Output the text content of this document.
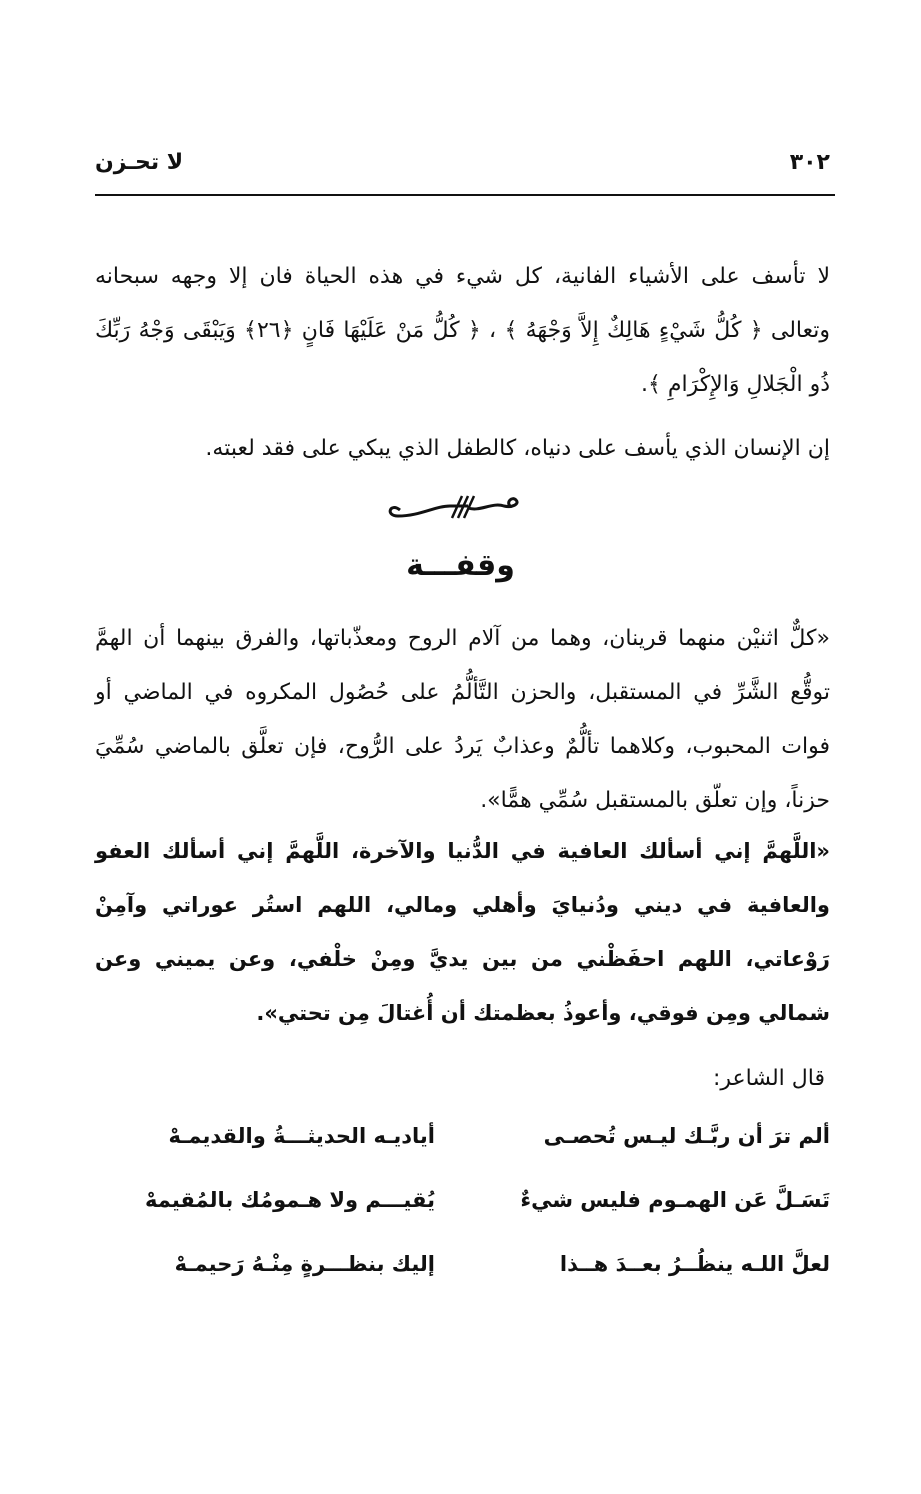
لا تحـزن	٣٠٢
لا تأسف على الأشياء الفانية، كل شيء في هذه الحياة فان إلا وجهه سبحانه وتعالى ﴿ كُلُّ شَيْءٍ هَالِكٌ إِلاَّ وَجْهَهُ ﴾ ، ﴿ كُلُّ مَنْ عَلَيْهَا فَانٍ ﴿٢٦﴾ وَيَبْقَى وَجْهُ رَبِّكَ ذُو الْجَلالِ وَالإِكْرَامِ ﴾.
إن الإنسان الذي يأسف على دنياه، كالطفل الذي يبكي على فقد لعبته.
وقفـــة
«كلٌّ اثنيْن منهما قرينان، وهما من آلام الروح ومعذّباتها، والفرق بينهما أن الهمَّ توقُّع الشَّرِّ في المستقبل، والحزن التَّألُّمُ على حُصُول المكروه في الماضي أو فوات المحبوب، وكلاهما تألُّمٌ وعذابٌ يَردُ على الرُّوح، فإن تعلَّق بالماضي سُمِّيَ حزناً، وإن تعلّق بالمستقبل سُمِّي همًّا».
«اللَّهمَّ إني أسألك العافية في الدُّنيا والآخرة، اللَّهمَّ إني أسألك العفو والعافية في ديني ودُنيايَ وأهلي ومالي، اللهم استُر عوراتي وآمِنْ رَوْعاتي، اللهم احفَظْني من بين يديَّ ومِنْ خلْفي، وعن يميني وعن شمالي ومِن فوقي، وأعوذُ بعظمتك أن أُغتالَ مِن تحتي».
قال الشاعر:
ألم ترَ أن ربَّـك ليـس تُحصـى
أياديـه الحديثـــةُ والقديمـهْ
تَسَـلَّ عَن الهمـوم فليس شيءٌ
يُقيـــم ولا هـمومُك بالمُقيمهْ
لعلَّ اللـه ينظُــرُ بعــدَ هــذا
إليك بنظـــرةٍ مِنْـهُ رَحيمـهْ
